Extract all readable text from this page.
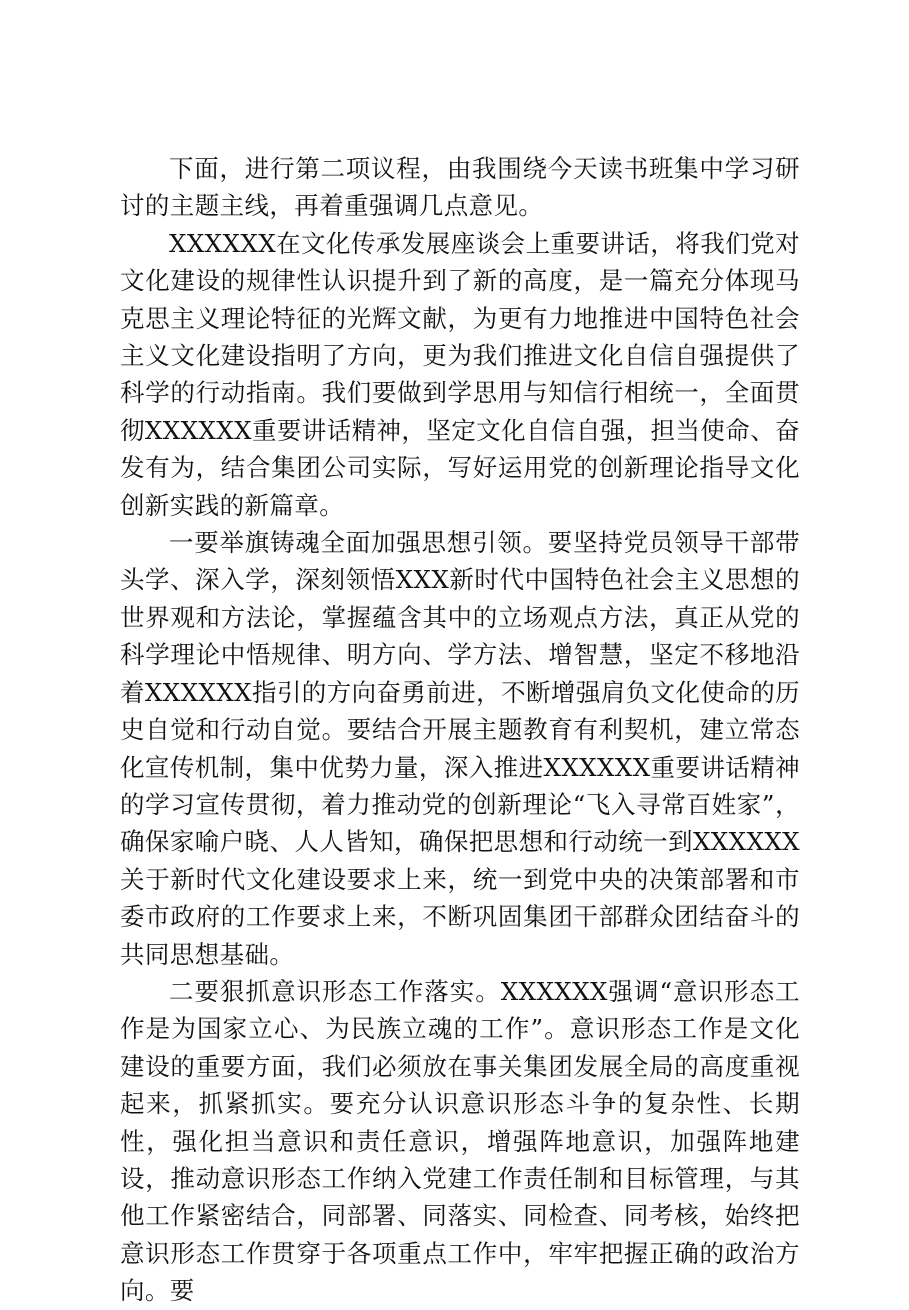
下面，进行第二项议程，由我围绕今天读书班集中学习研讨的主题主线，再着重强调几点意见。

XXXXXX在文化传承发展座谈会上重要讲话，将我们党对文化建设的规律性认识提升到了新的高度，是一篇充分体现马克思主义理论特征的光辉文献，为更有力地推进中国特色社会主义文化建设指明了方向，更为我们推进文化自信自强提供了科学的行动指南。我们要做到学思用与知信行相统一，全面贯彻XXXXXX重要讲话精神，坚定文化自信自强，担当使命、奋发有为，结合集团公司实际，写好运用党的创新理论指导文化创新实践的新篇章。

一要举旗铸魂全面加强思想引领。要坚持党员领导干部带头学、深入学，深刻领悟XXX新时代中国特色社会主义思想的世界观和方法论，掌握蕴含其中的立场观点方法，真正从党的科学理论中悟规律、明方向、学方法、增智慧，坚定不移地沿着XXXXXX指引的方向奋勇前进，不断增强肩负文化使命的历史自觉和行动自觉。要结合开展主题教育有利契机，建立常态化宣传机制，集中优势力量，深入推进XXXXXX重要讲话精神的学习宣传贯彻，着力推动党的创新理论“飞入寻常百姓家”，确保家喻户晓、人人皆知，确保把思想和行动统一到XXXXXX关于新时代文化建设要求上来，统一到党中央的决策部署和市委市政府的工作要求上来，不断巩固集团干部群众团结奋斗的共同思想基础。

二要狠抓意识形态工作落实。XXXXXX强调“意识形态工作是为国家立心、为民族立魂的工作”。意识形态工作是文化建设的重要方面，我们必须放在事关集团发展全局的高度重视起来，抓紧抓实。要充分认识意识形态斗争的复杂性、长期性，强化担当意识和责任意识，增强阵地意识，加强阵地建设，推动意识形态工作纳入党建工作责任制和目标管理，与其他工作紧密结合，同部署、同落实、同检查、同考核，始终把意识形态工作贯穿于各项重点工作中，牢牢把握正确的政治方向。要
